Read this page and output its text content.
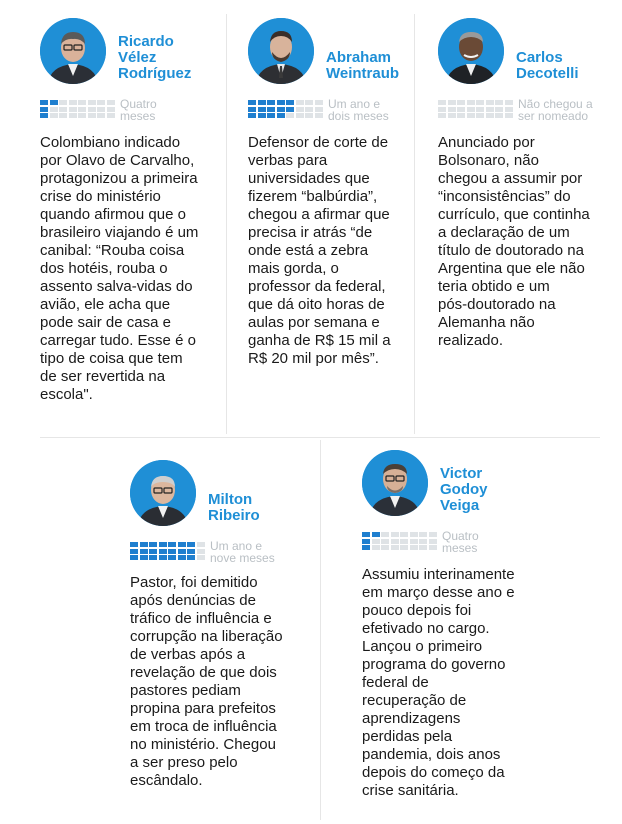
Ricardo
Vélez
Rodríguez
Quatro
meses
Colombiano indicado
por Olavo de Carvalho,
protagonizou a primeira
crise do ministério
quando afirmou que o
brasileiro viajando é um
canibal: “Rouba coisa
dos hotéis, rouba o
assento salva-vidas do
avião, ele acha que
pode sair de casa e
carregar tudo. Esse é o
tipo de coisa que tem
de ser revertida na
escola".
Abraham
Weintraub
Um ano e
dois meses
Defensor de corte de
verbas para
universidades que
fizerem “balbúrdia”,
chegou a afirmar que
precisa ir atrás “de
onde está a zebra
mais gorda, o
professor da federal,
que dá oito horas de
aulas por semana e
ganha de R$ 15 mil a
R$ 20 mil por mês”.
Carlos
Decotelli
Não chegou a
ser nomeado
Anunciado por
Bolsonaro, não
chegou a assumir por
“inconsistências” do
currículo, que continha
a declaração de um
título de doutorado na
Argentina que ele não
teria obtido e um
pós-doutorado na
Alemanha não
realizado.
Milton
Ribeiro
Um ano e
nove meses
Pastor, foi demitido
após denúncias de
tráfico de influência e
corrupção na liberação
de verbas após a
revelação de que dois
pastores pediam
propina para prefeitos
em troca de influência
no ministério. Chegou
a ser preso pelo
escândalo.
Victor
Godoy
Veiga
Quatro
meses
Assumiu interinamente
em março desse ano e
pouco depois foi
efetivado no cargo.
Lançou o primeiro
programa do governo
federal de
recuperação de
aprendizagens
perdidas pela
pandemia, dois anos
depois do começo da
crise sanitária.
